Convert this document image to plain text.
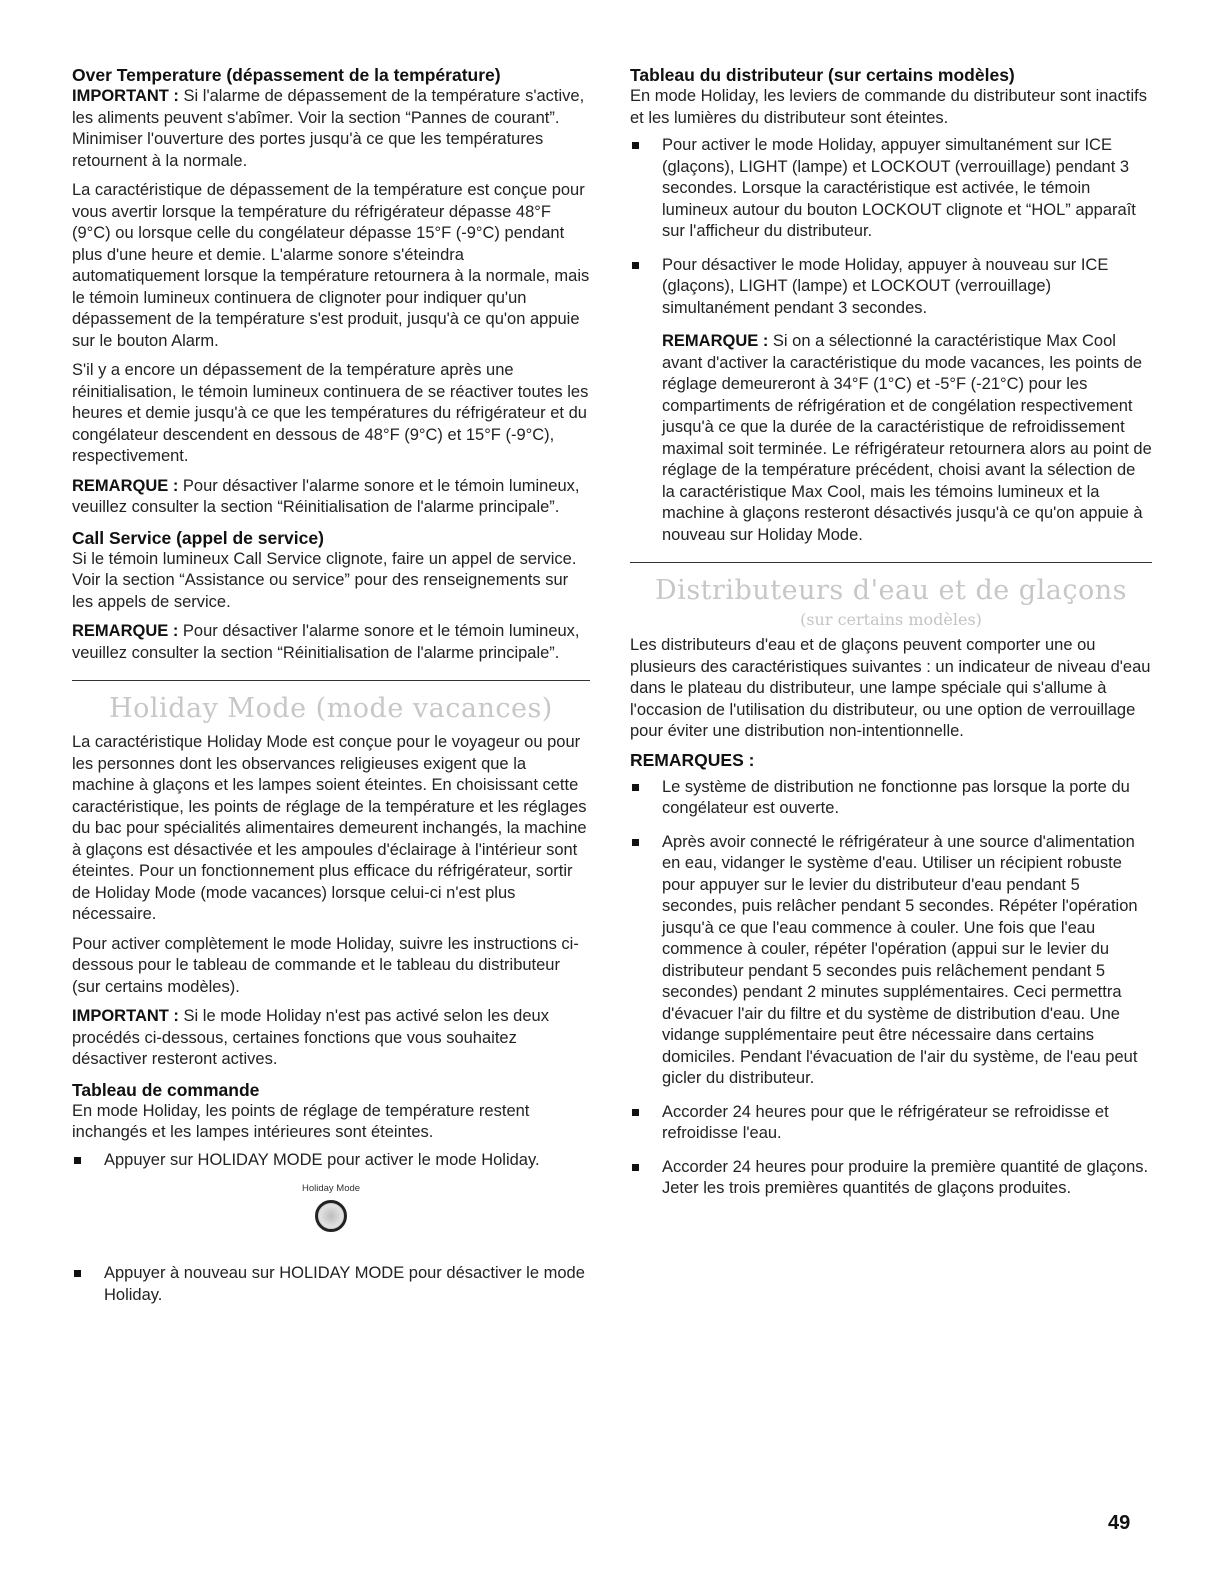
Over Temperature (dépassement de la température)

IMPORTANT : Si l'alarme de dépassement de la température s'active, les aliments peuvent s'abîmer. Voir la section “Pannes de courant”. Minimiser l'ouverture des portes jusqu'à ce que les températures retournent à la normale.

La caractéristique de dépassement de la température est conçue pour vous avertir lorsque la température du réfrigérateur dépasse 48°F (9°C) ou lorsque celle du congélateur dépasse 15°F (-9°C) pendant plus d'une heure et demie. L'alarme sonore s'éteindra automatiquement lorsque la température retournera à la normale, mais le témoin lumineux continuera de clignoter pour indiquer qu'un dépassement de la température s'est produit, jusqu'à ce qu'on appuie sur le bouton Alarm.

S'il y a encore un dépassement de la température après une réinitialisation, le témoin lumineux continuera de se réactiver toutes les heures et demie jusqu'à ce que les températures du réfrigérateur et du congélateur descendent en dessous de 48°F (9°C) et 15°F (-9°C), respectivement.

REMARQUE : Pour désactiver l'alarme sonore et le témoin lumineux, veuillez consulter la section “Réinitialisation de l'alarme principale”.

Call Service (appel de service)

Si le témoin lumineux Call Service clignote, faire un appel de service. Voir la section “Assistance ou service” pour des renseignements sur les appels de service.

REMARQUE : Pour désactiver l'alarme sonore et le témoin lumineux, veuillez consulter la section “Réinitialisation de l'alarme principale”.

Holiday Mode (mode vacances)

La caractéristique Holiday Mode est conçue pour le voyageur ou pour les personnes dont les observances religieuses exigent que la machine à glaçons et les lampes soient éteintes. En choisissant cette caractéristique, les points de réglage de la température et les réglages du bac pour spécialités alimentaires demeurent inchangés, la machine à glaçons est désactivée et les ampoules d'éclairage à l'intérieur sont éteintes. Pour un fonctionnement plus efficace du réfrigérateur, sortir de Holiday Mode (mode vacances) lorsque celui-ci n'est plus nécessaire.

Pour activer complètement le mode Holiday, suivre les instructions ci-dessous pour le tableau de commande et le tableau du distributeur (sur certains modèles).

IMPORTANT : Si le mode Holiday n'est pas activé selon les deux procédés ci-dessous, certaines fonctions que vous souhaitez désactiver resteront actives.

Tableau de commande

En mode Holiday, les points de réglage de température restent inchangés et les lampes intérieures sont éteintes.

Appuyer sur HOLIDAY MODE pour activer le mode Holiday.
Holiday Mode
Appuyer à nouveau sur HOLIDAY MODE pour désactiver le mode Holiday.
Tableau du distributeur (sur certains modèles)

En mode Holiday, les leviers de commande du distributeur sont inactifs et les lumières du distributeur sont éteintes.

Pour activer le mode Holiday, appuyer simultanément sur ICE (glaçons), LIGHT (lampe) et LOCKOUT (verrouillage) pendant 3 secondes. Lorsque la caractéristique est activée, le témoin lumineux autour du bouton LOCKOUT clignote et “HOL” apparaît sur l'afficheur du distributeur.
Pour désactiver le mode Holiday, appuyer à nouveau sur ICE (glaçons), LIGHT (lampe) et LOCKOUT (verrouillage) simultanément pendant 3 secondes.

REMARQUE : Si on a sélectionné la caractéristique Max Cool avant d'activer la caractéristique du mode vacances, les points de réglage demeureront à 34°F (1°C) et -5°F (-21°C) pour les compartiments de réfrigération et de congélation respectivement jusqu'à ce que la durée de la caractéristique de refroidissement maximal soit terminée. Le réfrigérateur retournera alors au point de réglage de la température précédent, choisi avant la sélection de la caractéristique Max Cool, mais les témoins lumineux et la machine à glaçons resteront désactivés jusqu'à ce qu'on appuie à nouveau sur Holiday Mode.

Distributeurs d'eau et de glaçons
(sur certains modèles)

Les distributeurs d'eau et de glaçons peuvent comporter une ou plusieurs des caractéristiques suivantes : un indicateur de niveau d'eau dans le plateau du distributeur, une lampe spéciale qui s'allume à l'occasion de l'utilisation du distributeur, ou une option de verrouillage pour éviter une distribution non-intentionnelle.

REMARQUES :
Le système de distribution ne fonctionne pas lorsque la porte du congélateur est ouverte.
Après avoir connecté le réfrigérateur à une source d'alimentation en eau, vidanger le système d'eau. Utiliser un récipient robuste pour appuyer sur le levier du distributeur d'eau pendant 5 secondes, puis relâcher pendant 5 secondes. Répéter l'opération jusqu'à ce que l'eau commence à couler. Une fois que l'eau commence à couler, répéter l'opération (appui sur le levier du distributeur pendant 5 secondes puis relâchement pendant 5 secondes) pendant 2 minutes supplémentaires. Ceci permettra d'évacuer l'air du filtre et du système de distribution d'eau. Une vidange supplémentaire peut être nécessaire dans certains domiciles. Pendant l'évacuation de l'air du système, de l'eau peut gicler du distributeur.
Accorder 24 heures pour que le réfrigérateur se refroidisse et refroidisse l'eau.
Accorder 24 heures pour produire la première quantité de glaçons. Jeter les trois premières quantités de glaçons produites.
49
